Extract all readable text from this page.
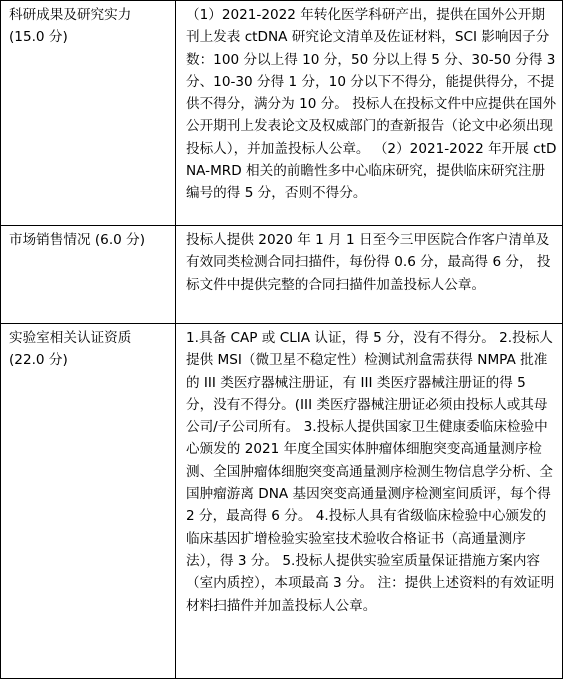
科研成果及研究实力
(15.0 分)	（1）2021-2022 年转化医学科研产出，提供在国外公开期刊上发表 ctDNA 研究论文清单及佐证材料，SCI 影响因子分数：100 分以上得 10 分，50 分以上得 5 分、30-50 分得 3 分、10-30 分得 1 分，10 分以下不得分，能提供得分，不提供不得分，满分为 10 分。 投标人在投标文件中应提供在国外公开期刊上发表论文及权威部门的查新报告（论文中必须出现投标人），并加盖投标人公章。 （2）2021-2022 年开展 ctDNA-MRD 相关的前瞻性多中心临床研究，提供临床研究注册编号的得 5 分，否则不得分。

市场销售情况 (6.0 分)	投标人提供 2020 年 1 月 1 日至今三甲医院合作客户清单及有效同类检测合同扫描件，每份得 0.6 分，最高得 6 分， 投标文件中提供完整的合同扫描件加盖投标人公章。

实验室相关认证资质
(22.0 分)	1.具备 CAP 或 CLIA 认证，得 5 分，没有不得分。 2.投标人提供 MSI（微卫星不稳定性）检测试剂盒需获得 NMPA 批准的 III 类医疗器械注册证，有 III 类医疗器械注册证的得 5 分，没有不得分。(III 类医疗器械注册证必须由投标人或其母公司/子公司所有。 3.投标人提供国家卫生健康委临床检验中心颁发的 2021 年度全国实体肿瘤体细胞突变高通量测序检测、全国肿瘤体细胞突变高通量测序检测生物信息学分析、全国肿瘤游离 DNA 基因突变高通量测序检测室间质评，每个得 2 分，最高得 6 分。 4.投标人具有省级临床检验中心颁发的临床基因扩增检验实验室技术验收合格证书（高通量测序法），得 3 分。 5.投标人提供实验室质量保证措施方案内容（室内质控），本项最高 3 分。 注：提供上述资料的有效证明材料扫描件并加盖投标人公章。
